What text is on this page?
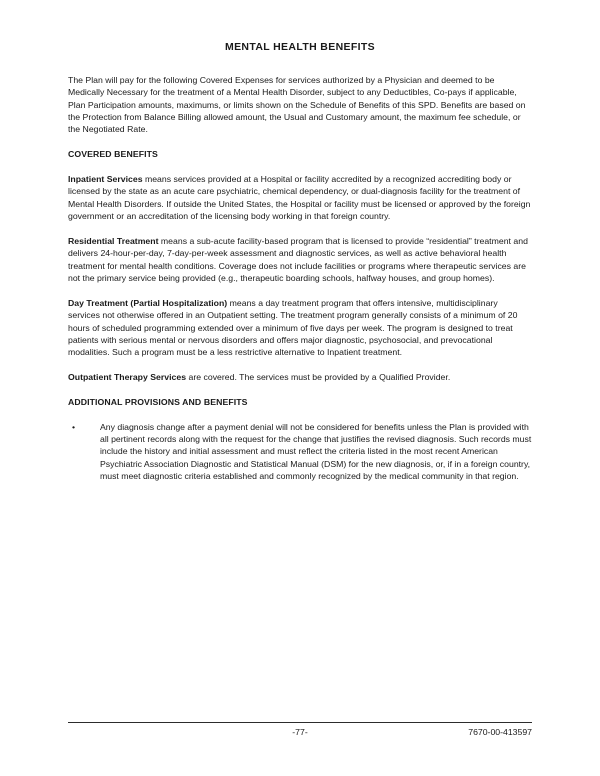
MENTAL HEALTH BENEFITS

The Plan will pay for the following Covered Expenses for services authorized by a Physician and deemed to be Medically Necessary for the treatment of a Mental Health Disorder, subject to any Deductibles, Co-pays if applicable, Plan Participation amounts, maximums, or limits shown on the Schedule of Benefits of this SPD. Benefits are based on the Protection from Balance Billing allowed amount, the Usual and Customary amount, the maximum fee schedule, or the Negotiated Rate.

COVERED BENEFITS

Inpatient Services means services provided at a Hospital or facility accredited by a recognized accrediting body or licensed by the state as an acute care psychiatric, chemical dependency, or dual-diagnosis facility for the treatment of Mental Health Disorders. If outside the United States, the Hospital or facility must be licensed or approved by the foreign government or an accreditation of the licensing body working in that foreign country.

Residential Treatment means a sub-acute facility-based program that is licensed to provide “residential” treatment and delivers 24-hour-per-day, 7-day-per-week assessment and diagnostic services, as well as active behavioral health treatment for mental health conditions. Coverage does not include facilities or programs where therapeutic services are not the primary service being provided (e.g., therapeutic boarding schools, halfway houses, and group homes).

Day Treatment (Partial Hospitalization) means a day treatment program that offers intensive, multidisciplinary services not otherwise offered in an Outpatient setting. The treatment program generally consists of a minimum of 20 hours of scheduled programming extended over a minimum of five days per week. The program is designed to treat patients with serious mental or nervous disorders and offers major diagnostic, psychosocial, and prevocational modalities. Such a program must be a less restrictive alternative to Inpatient treatment.

Outpatient Therapy Services are covered. The services must be provided by a Qualified Provider.

ADDITIONAL PROVISIONS AND BENEFITS
•	Any diagnosis change after a payment denial will not be considered for benefits unless the Plan is provided with all pertinent records along with the request for the change that justifies the revised diagnosis. Such records must include the history and initial assessment and must reflect the criteria listed in the most recent American Psychiatric Association Diagnostic and Statistical Manual (DSM) for the new diagnosis, or, if in a foreign country, must meet diagnostic criteria established and commonly recognized by the medical community in that region.
-77-	7670-00-413597
